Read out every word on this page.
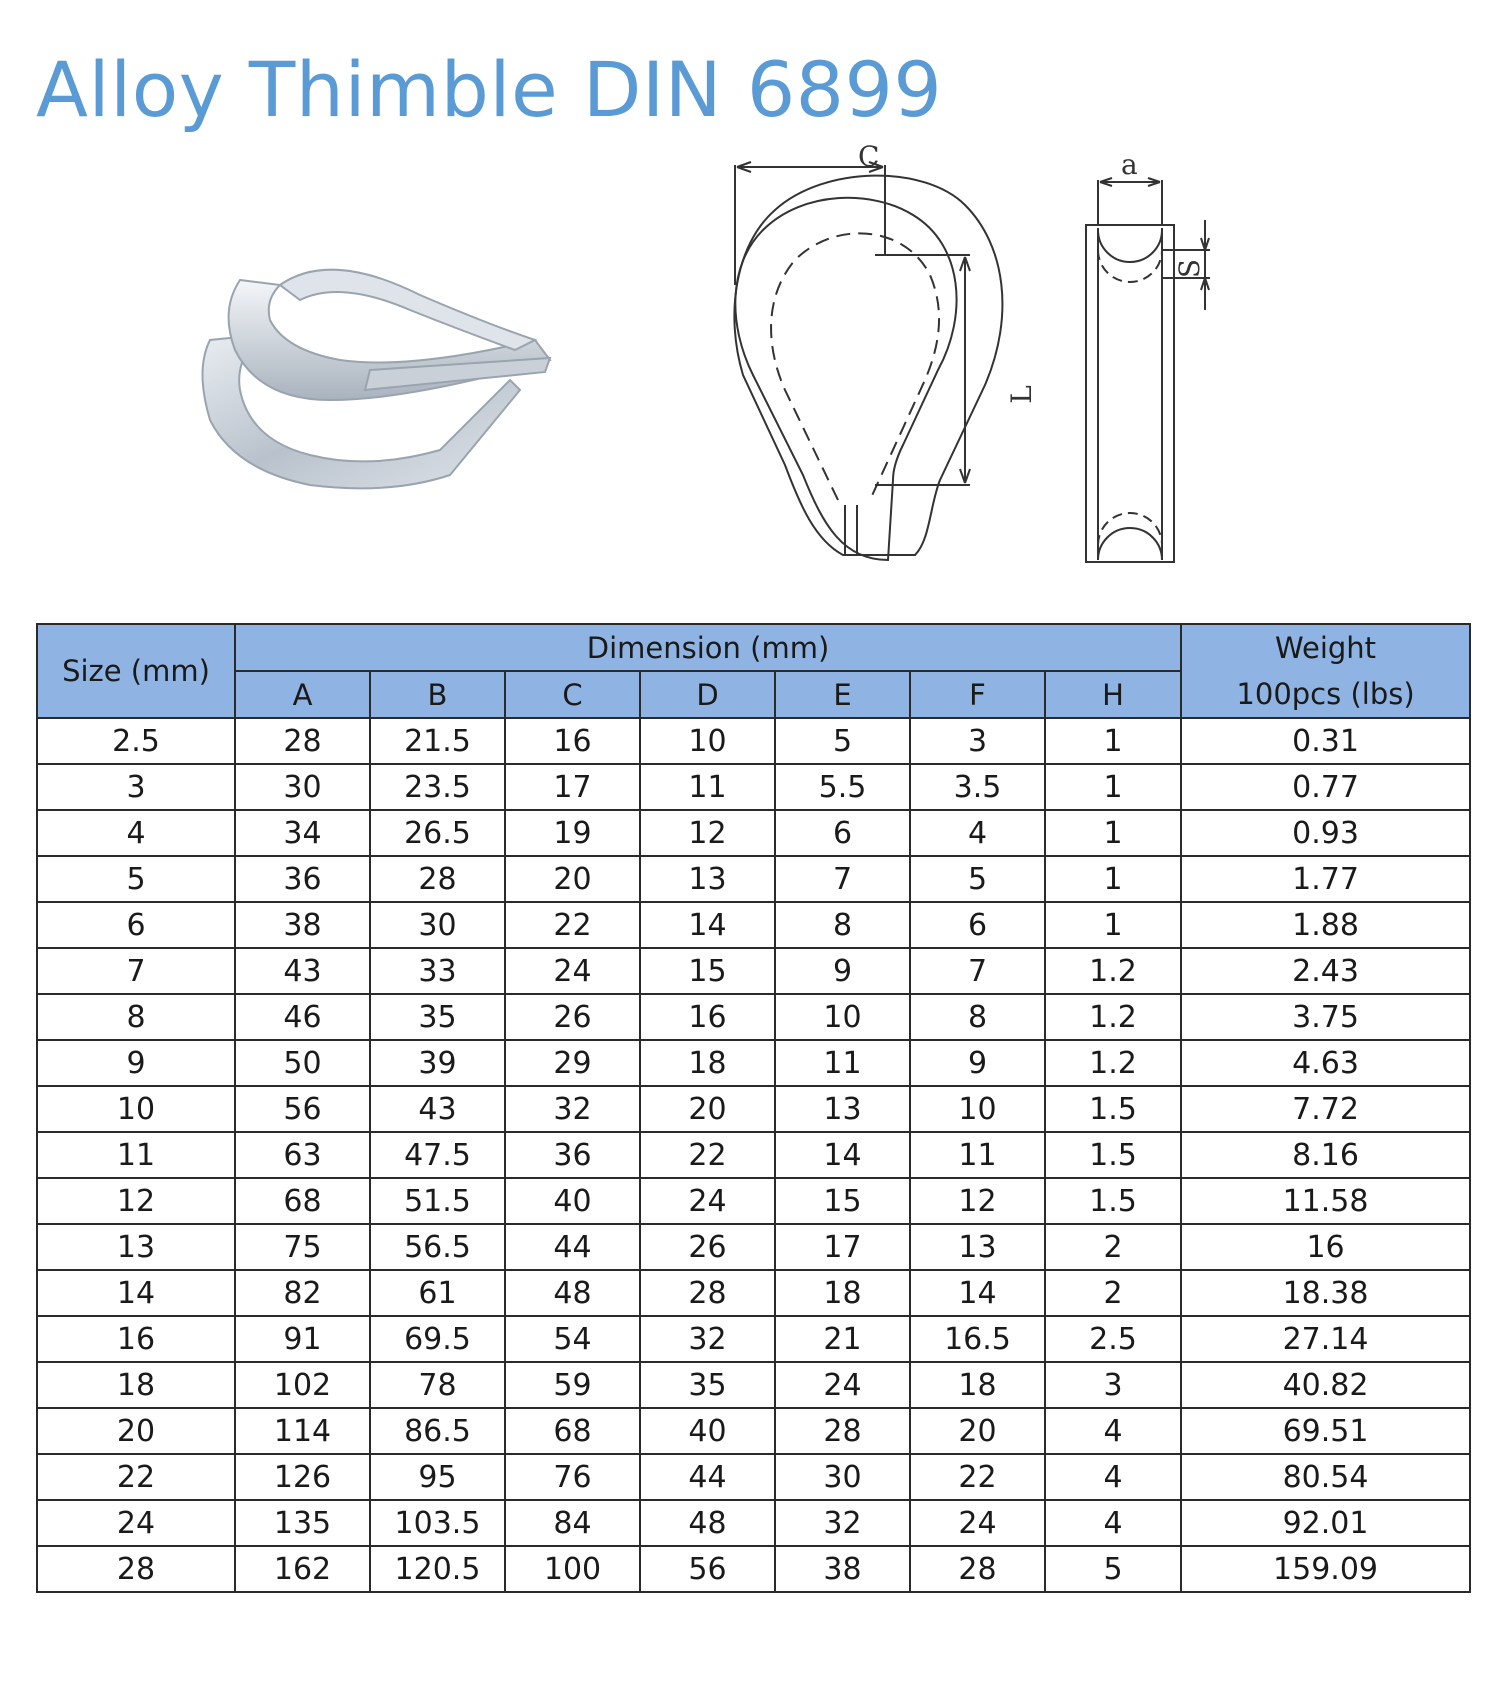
Alloy Thimble DIN 6899
C
L
a
S
Size (mm)	Dimension (mm)							Weight
100pcs (lbs)

	A	B	C	D	E	F	H	
2.5	28	21.5	16	10	5	3	1	0.31
3	30	23.5	17	11	5.5	3.5	1	0.77
4	34	26.5	19	12	6	4	1	0.93
5	36	28	20	13	7	5	1	1.77
6	38	30	22	14	8	6	1	1.88
7	43	33	24	15	9	7	1.2	2.43
8	46	35	26	16	10	8	1.2	3.75
9	50	39	29	18	11	9	1.2	4.63
10	56	43	32	20	13	10	1.5	7.72
11	63	47.5	36	22	14	11	1.5	8.16
12	68	51.5	40	24	15	12	1.5	11.58
13	75	56.5	44	26	17	13	2	16
14	82	61	48	28	18	14	2	18.38
16	91	69.5	54	32	21	16.5	2.5	27.14
18	102	78	59	35	24	18	3	40.82
20	114	86.5	68	40	28	20	4	69.51
22	126	95	76	44	30	22	4	80.54
24	135	103.5	84	48	32	24	4	92.01
28	162	120.5	100	56	38	28	5	159.09
